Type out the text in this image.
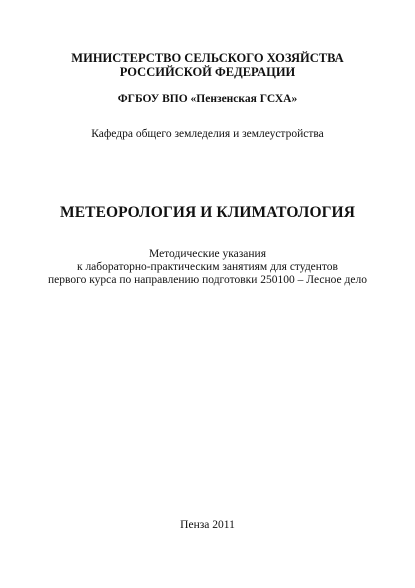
МИНИСТЕРСТВО СЕЛЬСКОГО ХОЗЯЙСТВА

РОССИЙСКОЙ ФЕДЕРАЦИИ

ФГБОУ ВПО «Пензенская ГСХА»

Кафедра общего земледелия и землеустройства

МЕТЕОРОЛОГИЯ И КЛИМАТОЛОГИЯ

Методические указания

к лабораторно-практическим занятиям для студентов

первого курса по направлению подготовки 250100 – Лесное дело

Пенза 2011
